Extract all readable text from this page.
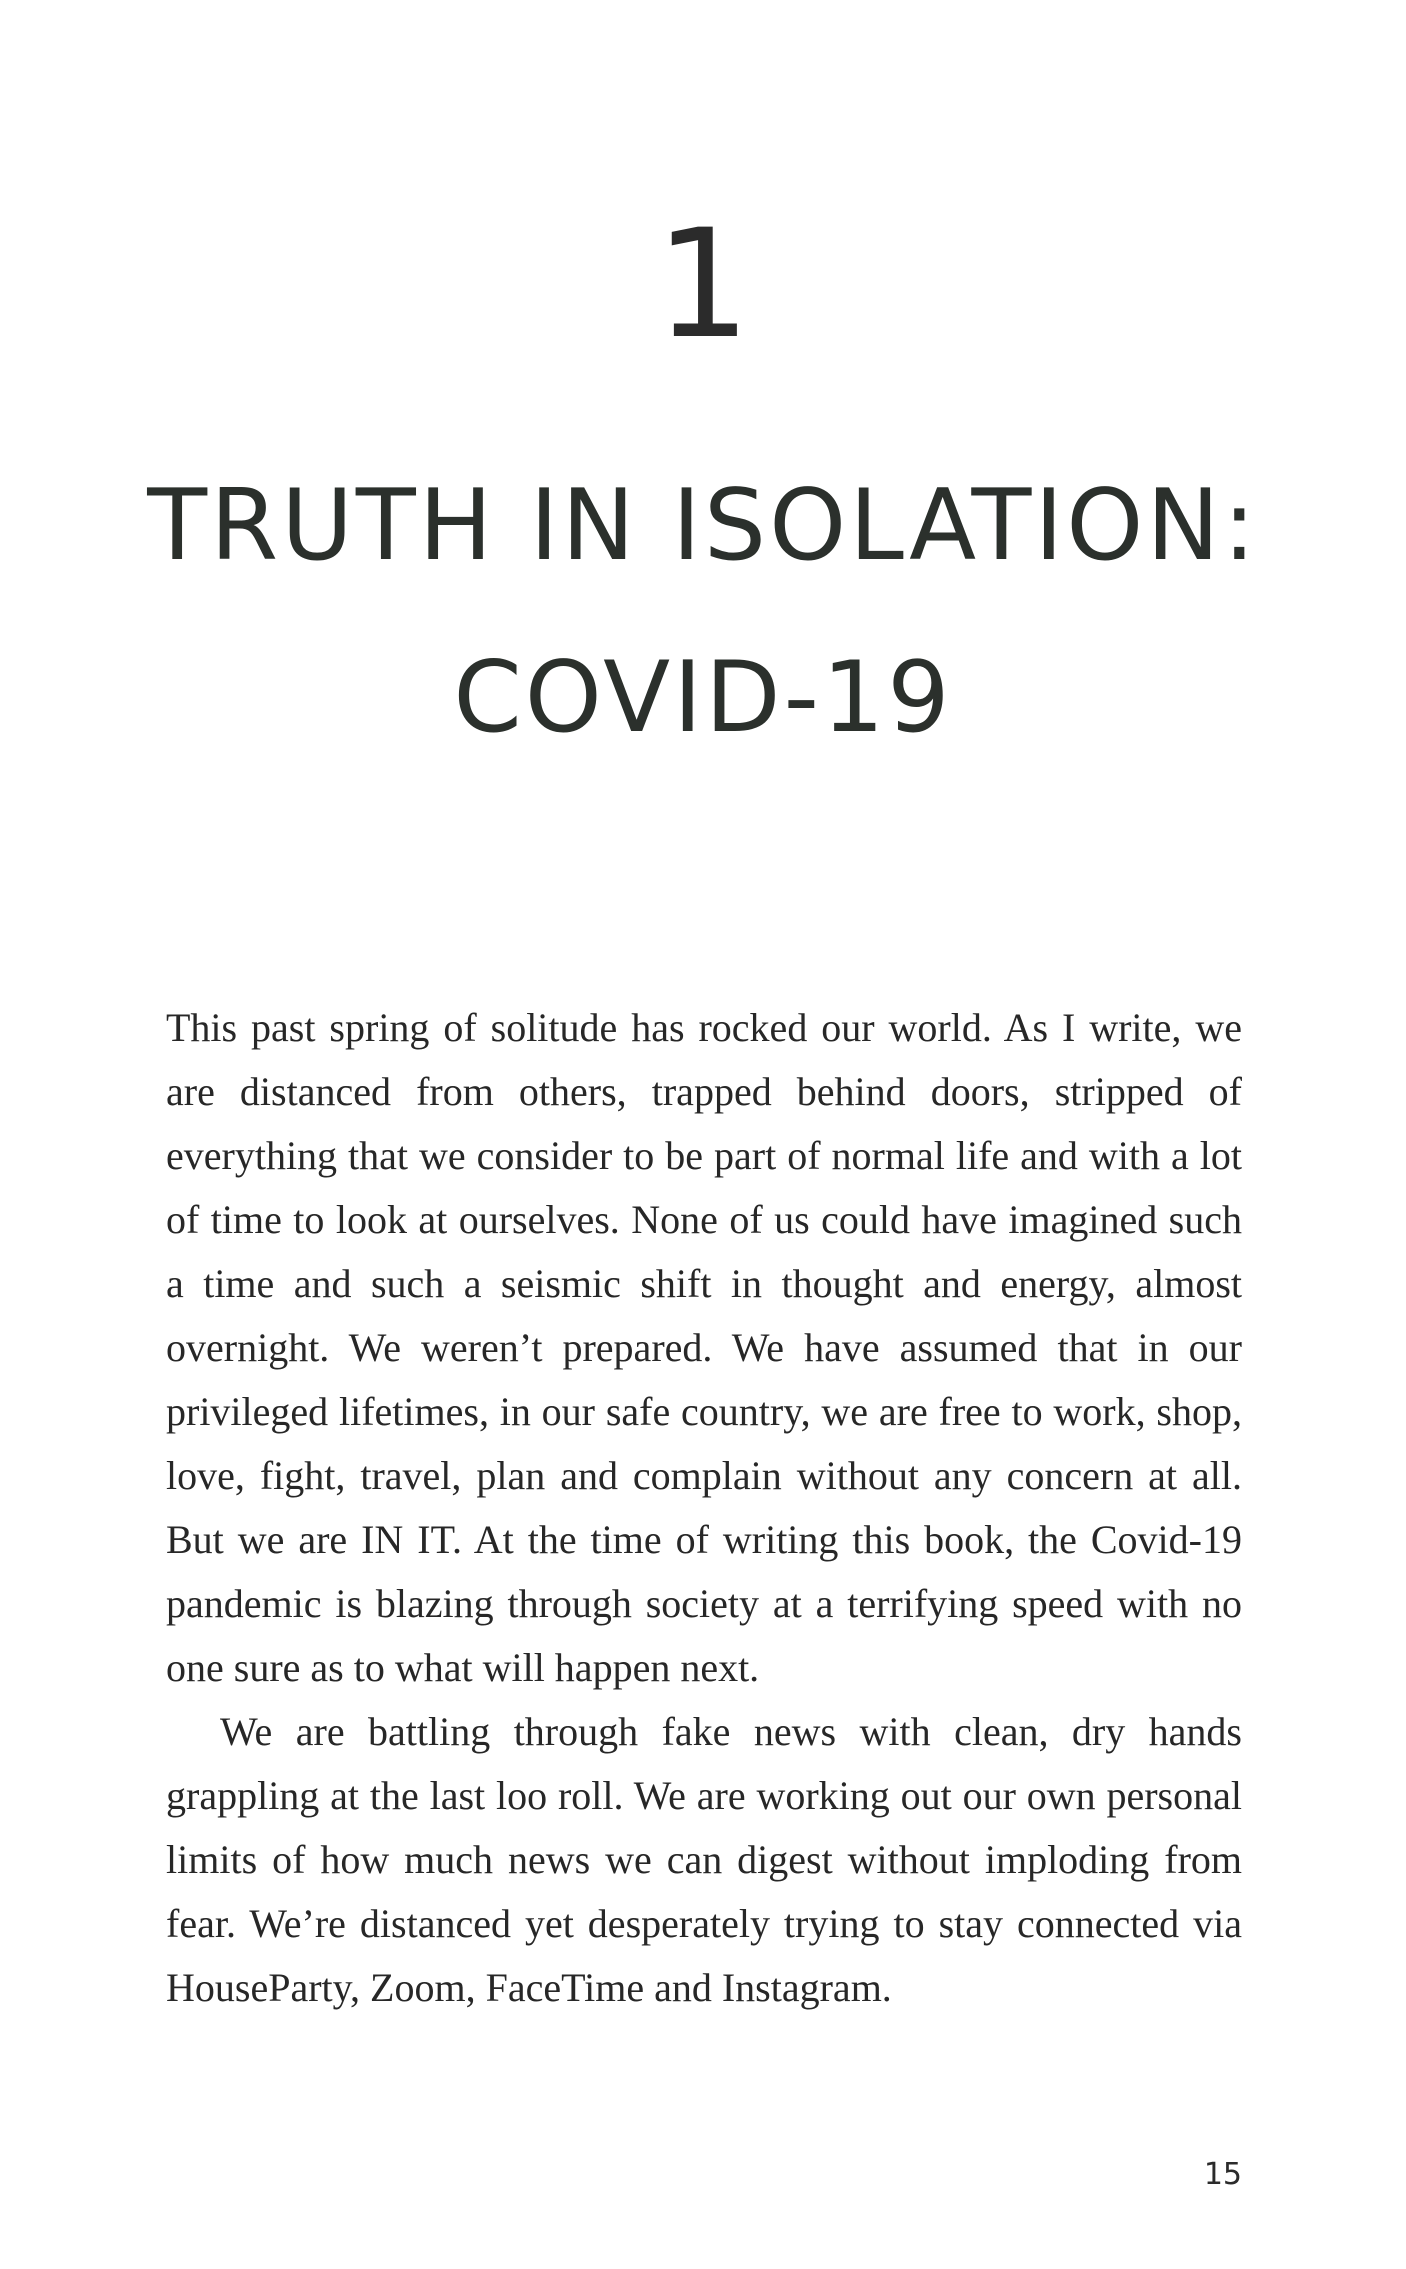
1
TRUTH IN ISOLATION:
COVID-19

This past spring of solitude has rocked our world. As I write, we are distanced from others, trapped behind doors, stripped of everything that we consider to be part of normal life and with a lot of time to look at ourselves. None of us could have imagined such a time and such a seismic shift in thought and energy, almost overnight. We weren’t prepared. We have assumed that in our privileged lifetimes, in our safe country, we are free to work, shop, love, fight, travel, plan and complain without any concern at all. But we are IN IT. At the time of writing this book, the Covid-19 pandemic is blazing through society at a terrifying speed with no one sure as to what will happen next.

We are battling through fake news with clean, dry hands grappling at the last loo roll. We are working out our own personal limits of how much news we can digest without imploding from fear. We’re distanced yet desperately trying to stay connected via HouseParty, Zoom, FaceTime and Instagram.

15
